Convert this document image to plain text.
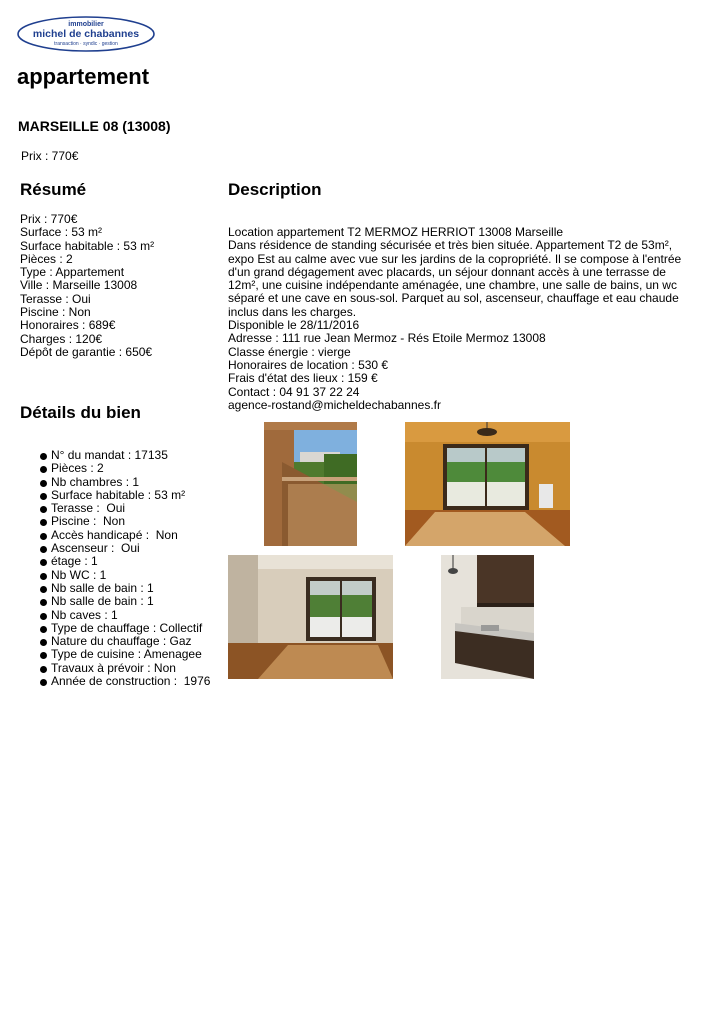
immobilier
michel de chabannes
transaction · syndic · gestion
appartement
MARSEILLE 08 (13008)
Prix : 770€
Résumé
Prix : 770€
Surface : 53 m²
Surface habitable : 53 m²
Pièces : 2
Type : Appartement
Ville : Marseille 13008
Terasse : Oui
Piscine : Non
Honoraires : 689€
Charges : 120€
Dépôt de garantie : 650€
Description
Location appartement T2 MERMOZ HERRIOT 13008 Marseille
Dans résidence de standing sécurisée et très bien située. Appartement T2 de 53m², expo Est au calme avec vue sur les jardins de la copropriété. Il se compose à l'entrée d'un grand dégagement avec placards, un séjour donnant accès à une terrasse de 12m², une cuisine indépendante aménagée, une chambre, une salle de bains, un wc séparé et une cave en sous-sol. Parquet au sol, ascenseur, chauffage et eau chaude inclus dans les charges.
Disponible le 28/11/2016
Adresse : 111 rue Jean Mermoz - Rés Etoile Mermoz 13008
Classe énergie : vierge
Honoraires de location : 530 €
Frais d'état des lieux : 159 €
Contact : 04 91 37 22 24
agence-rostand@micheldechabannes.fr
Détails du bien
N° du mandat : 17135
Pièces : 2
Nb chambres : 1
Surface habitable : 53 m²
Terasse :  Oui
Piscine :  Non
Accès handicapé :  Non
Ascenseur :  Oui
étage : 1
Nb WC : 1
Nb salle de bain : 1
Nb salle de bain : 1
Nb caves : 1
Type de chauffage : Collectif
Nature du chauffage : Gaz
Type de cuisine : Amenagee
Travaux à prévoir : Non
Année de construction :  1976
